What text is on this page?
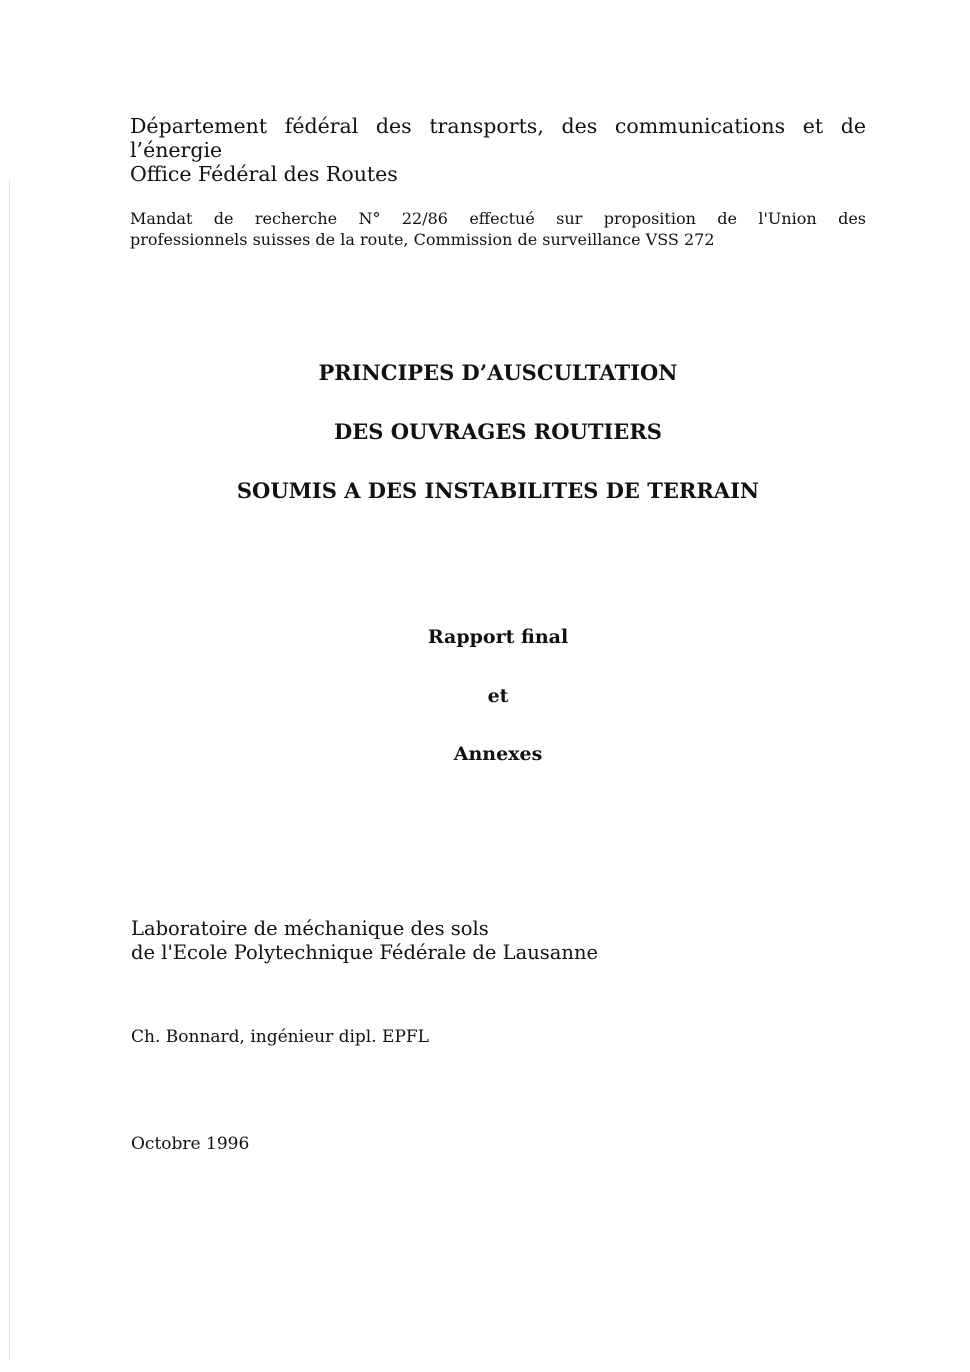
Département fédéral des transports, des communications et de
l’énergie
Office Fédéral des Routes
Mandat de recherche N° 22/86 effectué sur proposition de l'Union des
professionnels suisses de la route, Commission de surveillance VSS 272
PRINCIPES D’AUSCULTATION
DES OUVRAGES ROUTIERS
SOUMIS A DES INSTABILITES DE TERRAIN
Rapport final
et
Annexes
Laboratoire de méchanique des sols
de l'Ecole Polytechnique Fédérale de Lausanne
Ch. Bonnard, ingénieur dipl. EPFL
Octobre 1996
